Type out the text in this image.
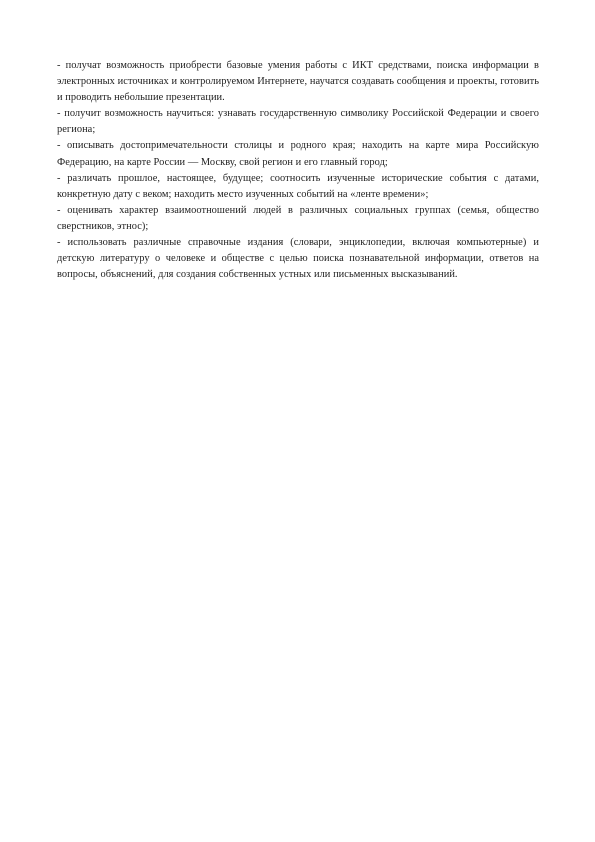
- получат возможность приобрести базовые умения работы с ИКТ средствами, поиска информации в электронных источниках и контролируемом Интернете, научатся создавать сообщения и проекты, готовить и проводить небольшие презентации.

- получит возможность научиться: узнавать государственную символику Российской Федерации и своего региона;

- описывать достопримечательности столицы и родного края; находить на карте мира Российскую Федерацию, на карте России — Москву, свой регион и его главный город;

- различать прошлое, настоящее, будущее; соотносить изученные исторические события с датами, конкретную дату с веком; находить место изученных событий на «ленте времени»;

- оценивать характер взаимоотношений людей в различных социальных группах (семья, общество сверстников, этнос);

- использовать различные справочные издания (словари, энциклопедии, включая компьютерные) и детскую литературу о человеке и обществе с целью поиска познавательной информации, ответов на вопросы, объяснений, для создания собственных устных или письменных высказываний.
